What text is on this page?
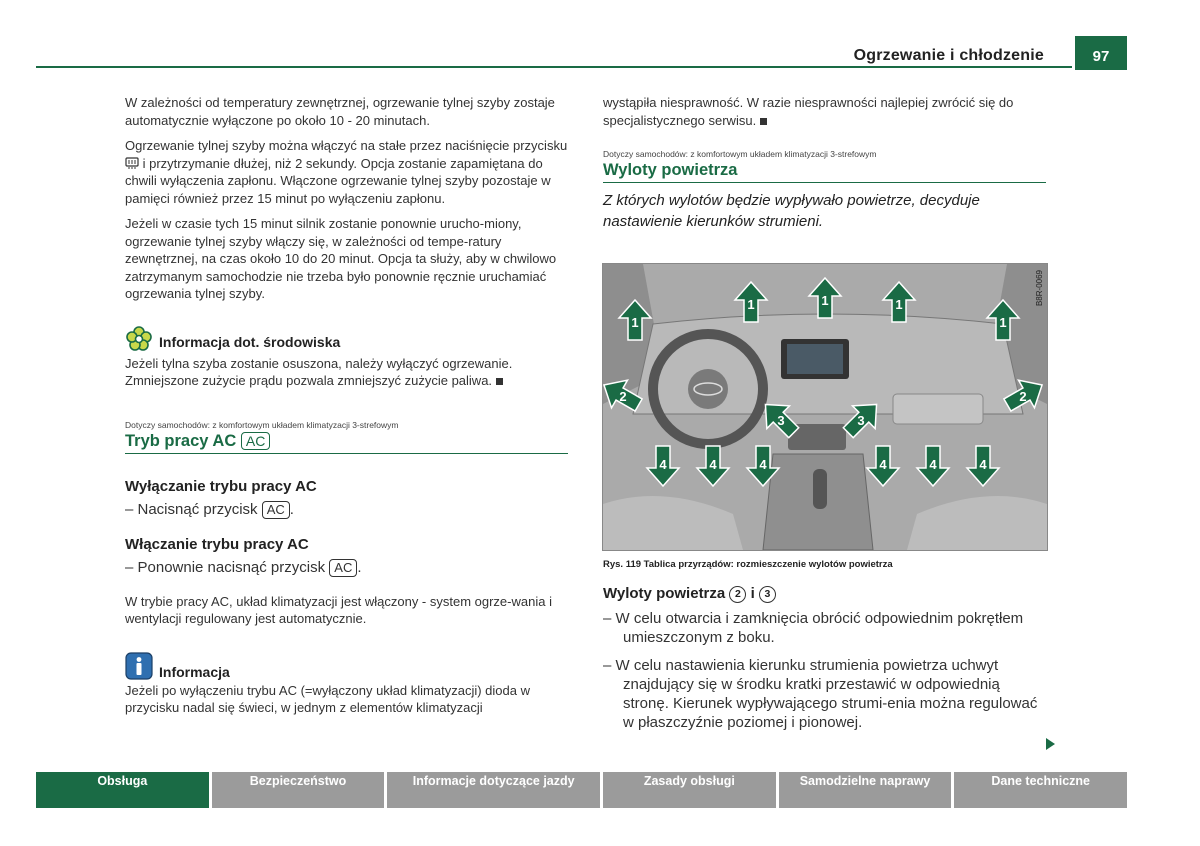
Ogrzewanie i chłodzenie	97

W zależności od temperatury zewnętrznej, ogrzewanie tylnej szyby zostaje automatycznie wyłączone po około 10 - 20 minutach.

Ogrzewanie tylnej szyby można włączyć na stałe przez naciśnięcie przycisku  i przytrzymanie dłużej, niż 2 sekundy. Opcja zostanie zapamiętana do chwili wyłączenia zapłonu. Włączone ogrzewanie tylnej szyby pozostaje w pamięci również przez 15 minut po wyłączeniu zapłonu.

Jeżeli w czasie tych 15 minut silnik zostanie ponownie urucho-miony, ogrzewanie tylnej szyby włączy się, w zależności od tempe-ratury zewnętrznej, na czas około 10 do 20 minut. Opcja ta służy, aby w chwilowo zatrzymanym samochodzie nie trzeba było ponownie ręcznie uruchamiać ogrzewania tylnej szyby.

Informacja dot. środowiska

Jeżeli tylna szyba zostanie osuszona, należy wyłączyć ogrzewanie. Zmniejszone zużycie prądu pozwala zmniejszyć zużycie paliwa.

Dotyczy samochodów: z komfortowym układem klimatyzacji 3-strefowym

Tryb pracy AC AC
Wyłączanie trybu pracy AC
– Nacisnąć przycisk AC .
Włączanie trybu pracy AC
– Ponownie nacisnąć przycisk AC .

W trybie pracy AC, układ klimatyzacji jest włączony - system ogrze-wania i wentylacji regulowany jest automatycznie.

Informacja

Jeżeli po wyłączeniu trybu AC (=wyłączony układ klimatyzacji) dioda w przycisku nadal się świeci, w jednym z elementów klimatyzacji

wystąpiła niesprawność. W razie niesprawności najlepiej zwrócić się do specjalistycznego serwisu.

Dotyczy samochodów: z komfortowym układem klimatyzacji 3-strefowym

Wyloty powietrza

Z których wylotów będzie wypływało powietrze, decyduje nastawienie kierunków strumieni.

1	1	1
1	1
2	2
3	3
4	4	4	4	4	4
B8R-0069
Rys. 119 Tablica przyrządów: rozmieszczenie wylotów powietrza
Wyloty powietrza 2 i 3

– W celu otwarcia i zamknięcia obrócić odpowiednim pokrętłem umieszczonym z boku.

– W celu nastawienia kierunku strumienia powietrza uchwyt znajdujący się w środku kratki przestawić w odpowiednią stronę. Kierunek wypływającego strumi-enia można regulować w płaszczyźnie poziomej i pionowej.

Obsługa	Bezpieczeństwo	Informacje dotyczące jazdy	Zasady obsługi	Samodzielne naprawy	Dane techniczne
